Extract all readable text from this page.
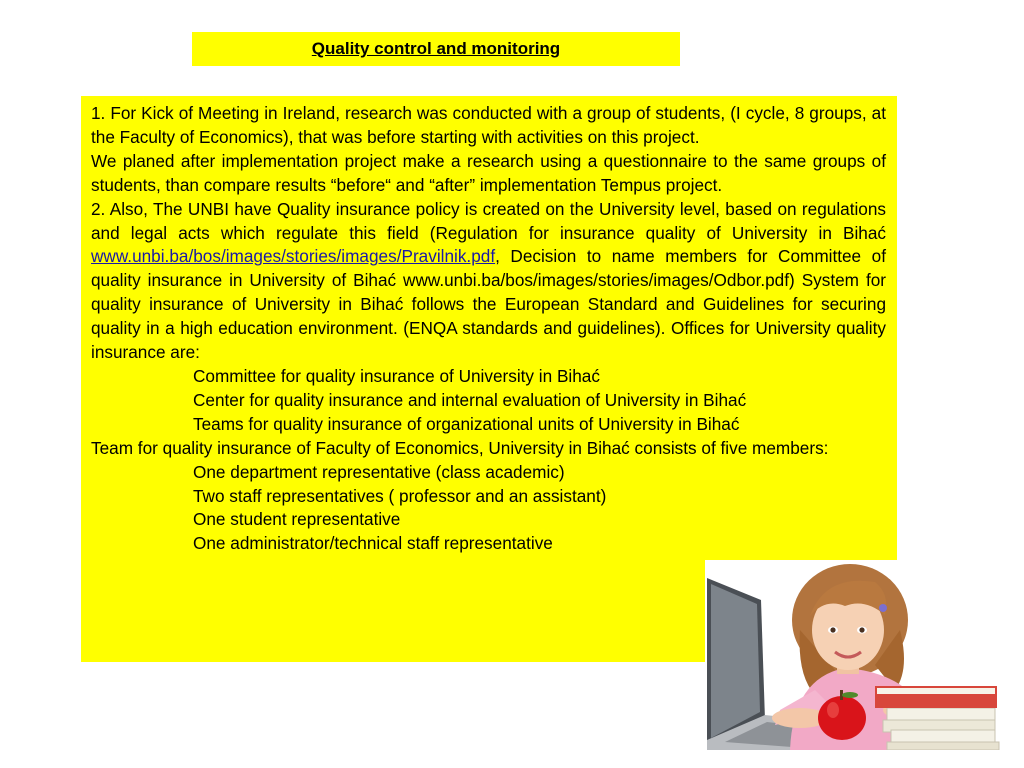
Quality control and monitoring

1. For Kick of Meeting in Ireland, research was conducted with a group of students, (I cycle, 8 groups, at the Faculty of Economics), that was before starting with activities on this project.

We planed after implementation project make a research using a questionnaire to the same groups of students, than compare results “before“ and “after” implementation Tempus project.

2. Also, The UNBI have Quality insurance policy is created on the University level, based on regulations and legal acts which regulate this field (Regulation for insurance quality of University in Bihać www.unbi.ba/bos/images/stories/images/Pravilnik.pdf, Decision to name members for Committee of quality insurance in University of Bihać www.unbi.ba/bos/images/stories/images/Odbor.pdf) System for quality insurance of University in Bihać follows the European Standard and Guidelines for securing quality in a high education environment. (ENQA standards and guidelines). Offices for University quality insurance are:

Committee for quality insurance of University in Bihać
Center for quality insurance and internal evaluation of University in Bihać
Teams for quality insurance of organizational units of University in Bihać

Team for quality insurance of Faculty of Economics, University in Bihać consists of five members:

One department representative (class academic)
Two staff representatives ( professor and an assistant)
One student representative
One administrator/technical staff representative
